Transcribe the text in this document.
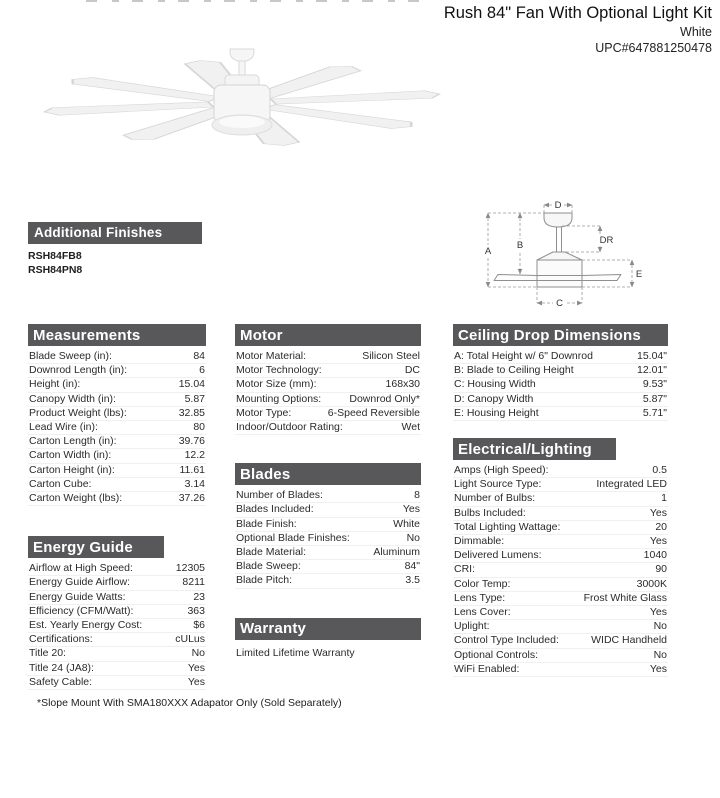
Rush 84" Fan With Optional Light Kit
White
UPC#647881250478
Additional Finishes
RSH84FB8
RSH84PN8
A
B
D
DR
E
C
Measurements
Blade Sweep (in):	84
Downrod Length (in):	6
Height (in):	15.04
Canopy Width (in):	5.87
Product Weight (lbs):	32.85
Lead Wire (in):	80
Carton Length (in):	39.76
Carton Width (in):	12.2
Carton Height (in):	11.61
Carton Cube:	3.14
Carton Weight (lbs):	37.26
Energy Guide
Airflow at High Speed:	12305
Energy Guide Airflow:	8211
Energy Guide Watts:	23
Efficiency (CFM/Watt):	363
Est. Yearly Energy Cost:	$6
Certifications:	cULus
Title 20:	No
Title 24 (JA8):	Yes
Safety Cable:	Yes
Motor
Motor Material:	Silicon Steel
Motor Technology:	DC
Motor Size (mm):	168x30
Mounting Options:	Downrod Only*
Motor Type:	6-Speed Reversible
Indoor/Outdoor Rating:	Wet
Blades
Number of Blades:	8
Blades Included:	Yes
Blade Finish:	White
Optional Blade Finishes:	No
Blade Material:	Aluminum
Blade Sweep:	84"
Blade Pitch:	3.5
Warranty
Limited Lifetime Warranty
Ceiling Drop Dimensions
A: Total Height w/ 6" Downrod	15.04"
B: Blade to Ceiling Height	12.01"
C: Housing Width	9.53"
D: Canopy Width	5.87"
E: Housing Height	5.71"
Electrical/Lighting
Amps (High Speed):	0.5
Light Source Type:	Integrated LED
Number of Bulbs:	1
Bulbs Included:	Yes
Total Lighting Wattage:	20
Dimmable:	Yes
Delivered Lumens:	1040
CRI:	90
Color Temp:	3000K
Lens Type:	Frost White Glass
Lens Cover:	Yes
Uplight:	No
Control Type Included:	WIDC Handheld
Optional Controls:	No
WiFi Enabled:	Yes
*Slope Mount With SMA180XXX Adapator Only (Sold Separately)
